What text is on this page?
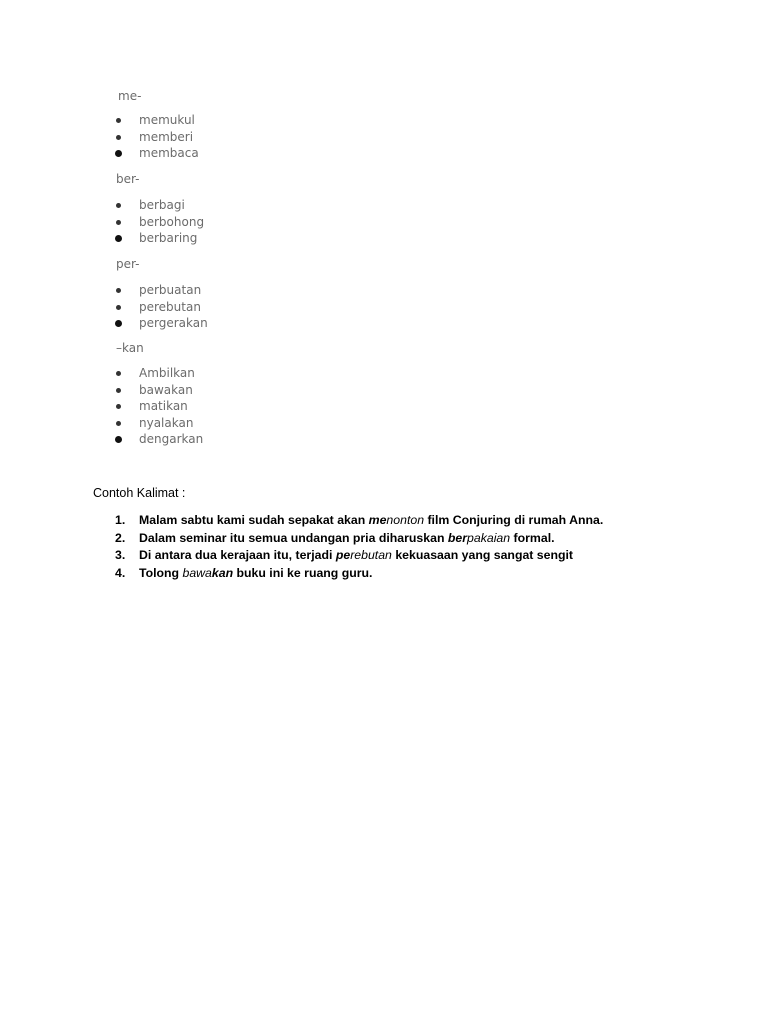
me-
memukul
memberi
membaca
ber-
berbagi
berbohong
berbaring
per-
perbuatan
perebutan
pergerakan
–kan
Ambilkan
bawakan
matikan
nyalakan
dengarkan
Contoh Kalimat :
1. Malam sabtu kami sudah sepakat akan menonton film Conjuring di rumah Anna.
2. Dalam seminar itu semua undangan pria diharuskan berpakaian formal.
3. Di antara dua kerajaan itu, terjadi perebutan kekuasaan yang sangat sengit
4. Tolong bawakan buku ini ke ruang guru.
